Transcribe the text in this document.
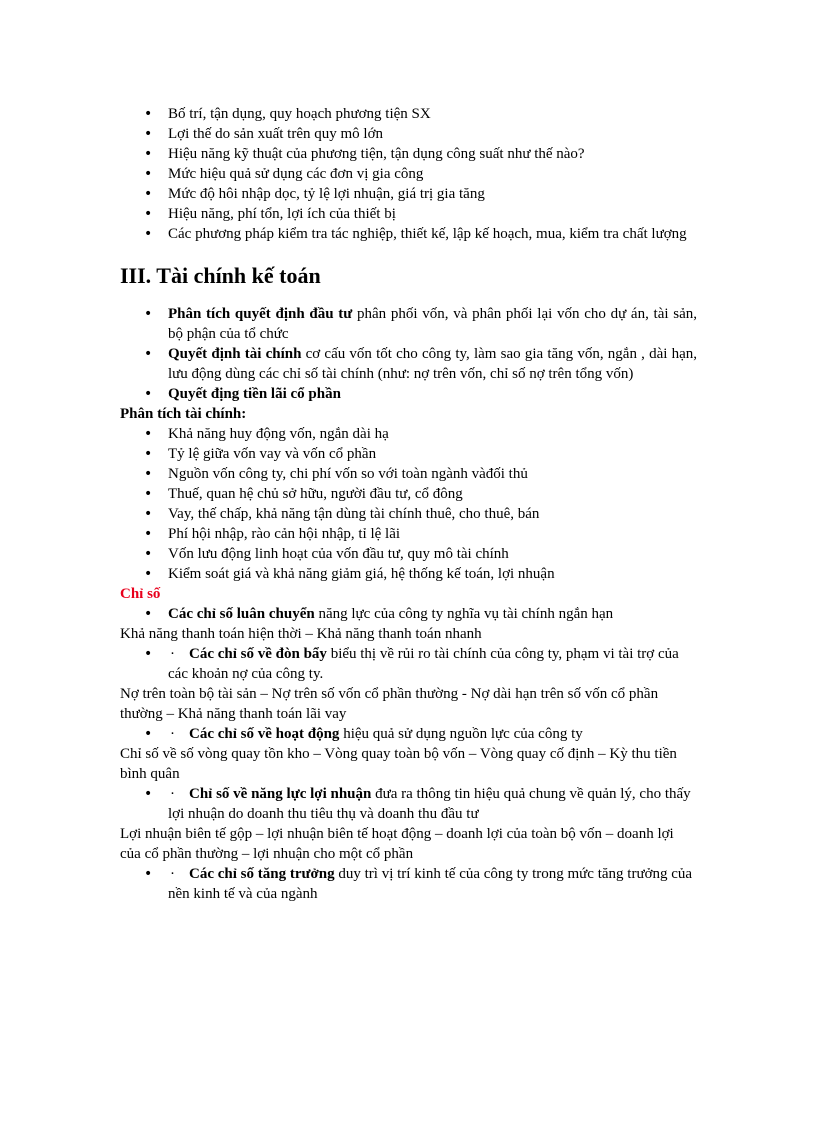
• Bố trí, tận dụng, quy hoạch phương tiện SX
• Lợi thế do sản xuất trên quy mô lớn
• Hiệu năng kỹ thuật của phương tiện, tận dụng công suất như thế nào?
• Mức hiệu quả sử dụng các đơn vị gia công
• Mức độ hôi nhập dọc, tỷ lệ lợi nhuận, giá trị gia tăng
• Hiệu năng, phí tổn, lợi ích của thiết bị
• Các phương pháp kiểm tra tác nghiệp, thiết kế, lập kế hoạch, mua, kiểm tra chất lượng
III. Tài chính kế toán
• Phân tích quyết định đầu tư phân phối vốn, và phân phối lại vốn cho dự án, tài sản, bộ phận của tổ chức
• Quyết định tài chính cơ cấu vốn tốt cho công ty, làm sao gia tăng vốn, ngắn , dài hạn, lưu động dùng các chỉ số tài chính (như: nợ trên vốn, chỉ số nợ trên tổng vốn)
• Quyết địng tiền lãi cổ phần
Phân tích tài chính:
• Khả năng huy động vốn, ngắn dài hạ
• Tỷ lệ giữa vốn vay và vốn cổ phần
• Nguồn vốn công ty, chi phí vốn so với toàn ngành vàđối thủ
• Thuế, quan hệ chủ sở hữu, người đầu tư, cổ đông
• Vay, thế chấp, khả năng tận dùng tài chính thuê, cho thuê, bán
• Phí hội nhập, rào cản hội nhập, tỉ lệ lãi
• Vốn lưu động linh hoạt của vốn đầu tư, quy mô tài chính
• Kiểm soát giá và khả năng giảm giá, hệ thống kế toán, lợi nhuận
Chỉ số
• Các chỉ số luân chuyển năng lực của công ty nghĩa vụ tài chính ngắn hạn
Khả năng thanh toán hiện thời – Khả năng thanh toán nhanh
• · Các chỉ số về đòn bẩy biểu thị về rủi ro tài chính của công ty, phạm vi tài trợ của các khoản nợ của công ty.
Nợ trên toàn bộ tài sản – Nợ trên số vốn cổ phần thường - Nợ dài hạn trên số vốn cổ phần thường – Khả năng thanh toán lãi vay
• · Các chỉ số về hoạt động hiệu quả sử dụng nguồn lực của công ty
Chỉ số về số vòng quay tồn kho – Vòng quay toàn bộ vốn – Vòng quay cố định – Kỳ thu tiền bình quân
• · Chỉ số về năng lực lợi nhuận đưa ra thông tin hiệu quả chung về quản lý, cho thấy lợi nhuận do doanh thu tiêu thụ và doanh thu đầu tư
Lợi nhuận biên tế gộp – lợi nhuận biên tế hoạt động – doanh lợi của toàn bộ vốn – doanh lợi của cổ phần thường – lợi nhuận cho một cổ phần
• · Các chỉ số tăng trưởng duy trì vị trí kinh tế của công ty trong mức tăng trưởng của nền kinh tế và của ngành
